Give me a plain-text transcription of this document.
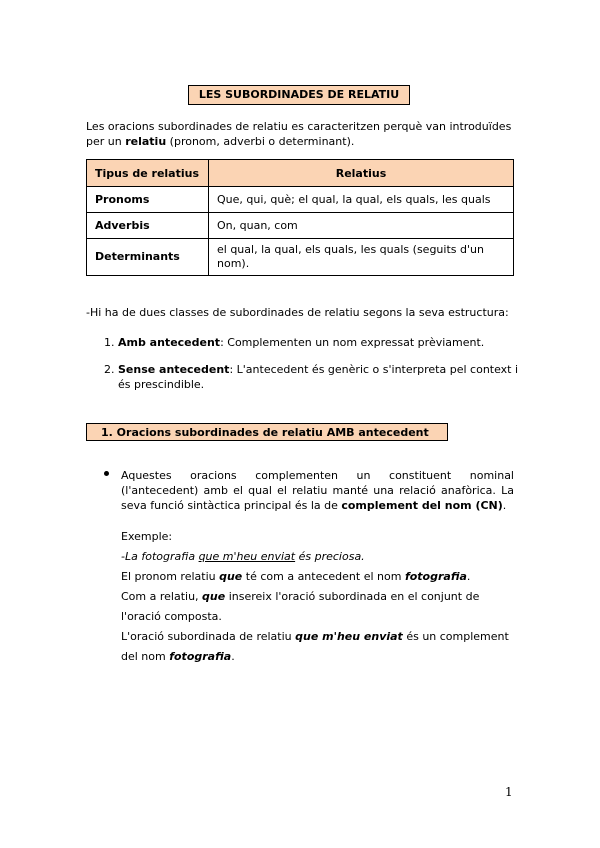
LES SUBORDINADES DE RELATIU
Les oracions subordinades de relatiu es caracteritzen perquè van introduïdes per un relatiu (pronom, adverbi o determinant).
Tipus de relatius	Relatius
Pronoms	Que, qui, què; el qual, la qual, els quals, les quals
Adverbis	On, quan, com
Determinants	el qual, la qual, els quals, les quals (seguits d'un nom).
-Hi ha de dues classes de subordinades de relatiu segons la seva estructura:
1. Amb antecedent: Complementen un nom expressat prèviament.
2. Sense antecedent: L'antecedent és genèric o s'interpreta pel context i és prescindible.
1. Oracions subordinades de relatiu AMB antecedent
Aquestes oracions complementen un constituent nominal (l'antecedent) amb el qual el relatiu manté una relació anafòrica. La seva funció sintàctica principal és la de complement del nom (CN).
Exemple:
-La fotografia que m'heu enviat és preciosa.
El pronom relatiu que té com a antecedent el nom fotografia.
Com a relatiu, que insereix l'oració subordinada en el conjunt de l'oració composta.
L'oració subordinada de relatiu que m'heu enviat és un complement del nom fotografia.
1
